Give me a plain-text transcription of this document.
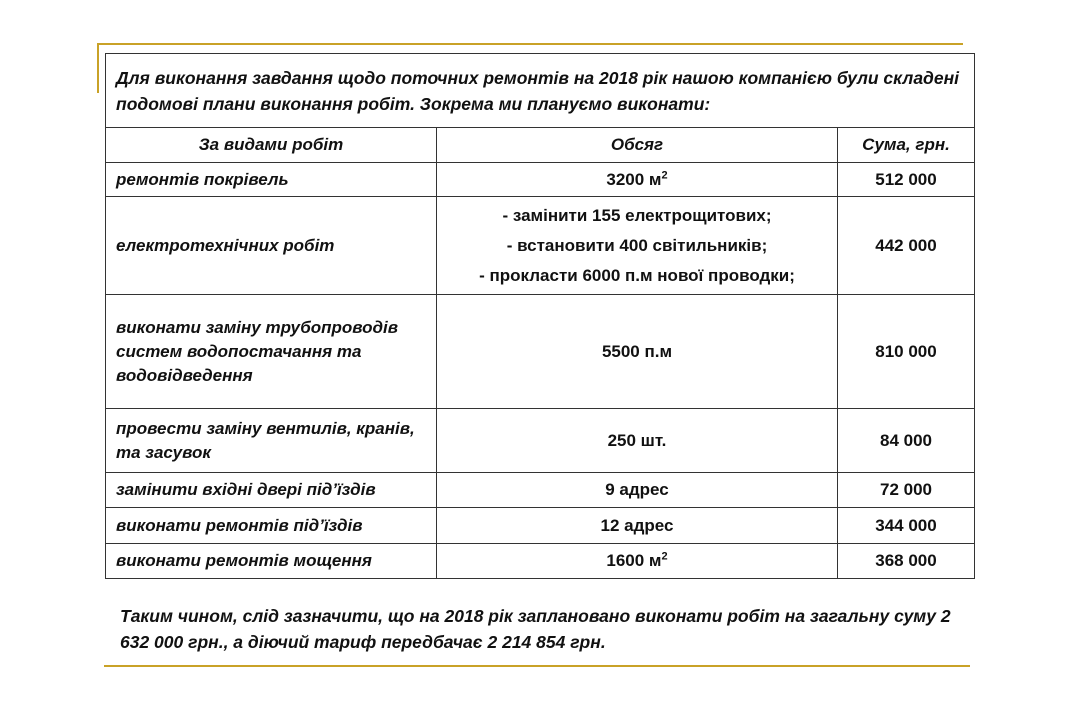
Для виконання завдання щодо поточних ремонтів на 2018 рік нашою компанією були складені подомові плани виконання робіт. Зокрема ми плануємо виконати:
За видами робіт	Обсяг	Сума, грн.
ремонтів покрівель	3200 $м^2$	512 000
електротехнічних робіт	- замінити 155 електрощитових;
- встановити 400 світильників;
- прокласти 6000 п.м нової проводки;	442 000
виконати заміну трубопроводів систем водопостачання та водовідведення	5500 п.м	810 000
провести заміну вентилів, кранів, та засувок	250 шт.	84 000
замінити вхідні двері під’їздів	9 адрес	72 000
виконати ремонтів під’їздів	12 адрес	344 000
виконати ремонтів мощення	1600 $м^2$	368 000
Таким чином, слід зазначити, що на 2018 рік заплановано виконати робіт на загальну суму 2 632 000 грн., а діючий тариф передбачає 2 214 854 грн.
